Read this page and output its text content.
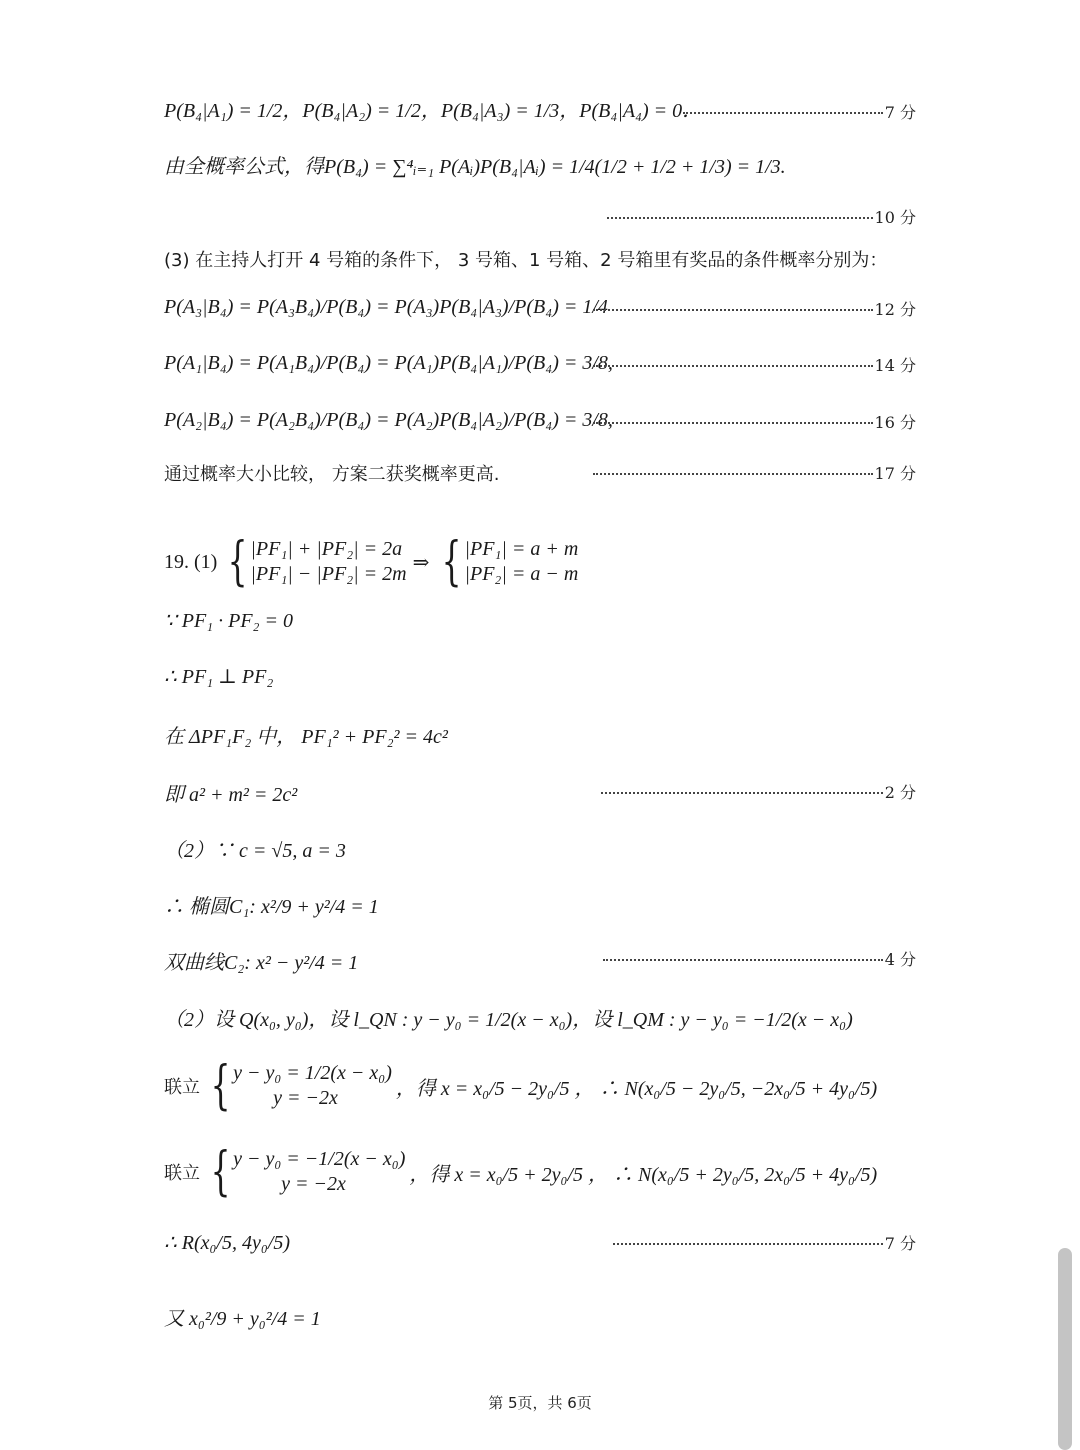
P(B₄|A₁) = 1/2，P(B₄|A₂) = 1/2，P(B₄|A₃) = 1/3，P(B₄|A₄) = 0．	7 分
由全概率公式，得P(B₄) = ∑⁴ᵢ₌₁ P(Aᵢ)P(B₄|Aᵢ) = 1/4(1/2 + 1/2 + 1/3) = 1/3.
10 分
(3) 在主持人打开 4 号箱的条件下， 3 号箱、1 号箱、2 号箱里有奖品的条件概率分别为：
P(A₃|B₄) = P(A₃B₄)/P(B₄) = P(A₃)P(B₄|A₃)/P(B₄) = 1/4	12 分
P(A₁|B₄) = P(A₁B₄)/P(B₄) = P(A₁)P(B₄|A₁)/P(B₄) = 3/8,	14 分
P(A₂|B₄) = P(A₂B₄)/P(B₄) = P(A₂)P(B₄|A₂)/P(B₄) = 3/8,	16 分
通过概率大小比较， 方案二获奖概率更高.	17 分
19. (1) { |PF₁| + |PF₂| = 2a
|PF₁| − |PF₂| = 2m
⇒ { |PF₁| = a + m
|PF₂| = a − m
∵ PF₁ · PF₂ = 0
∴ PF₁ ⊥ PF₂
在 ΔPF₁F₂ 中， PF₁² + PF₂² = 4c²
即 a² + m² = 2c²	2 分
（2）∵ c = √5, a = 3
∴ 椭圆C₁: x²/9 + y²/4 = 1
双曲线C₂: x² − y²/4 = 1	4 分
（2）设 Q(x₀, y₀)，设 l_QN : y − y₀ = 1/2(x − x₀)，设 l_QM : y − y₀ = −1/2(x − x₀)
联立 { y − y₀ = 1/2(x − x₀)
y = −2x	，得 x = x₀/5 − 2y₀/5 ， ∴ N(x₀/5 − 2y₀/5, −2x₀/5 + 4y₀/5)
联立 { y − y₀ = −1/2(x − x₀)
y = −2x	，得 x = x₀/5 + 2y₀/5 ， ∴ N(x₀/5 + 2y₀/5, 2x₀/5 + 4y₀/5)
∴ R(x₀/5, 4y₀/5)	7 分
又 x₀²/9 + y₀²/4 = 1
第 5页，共 6页
